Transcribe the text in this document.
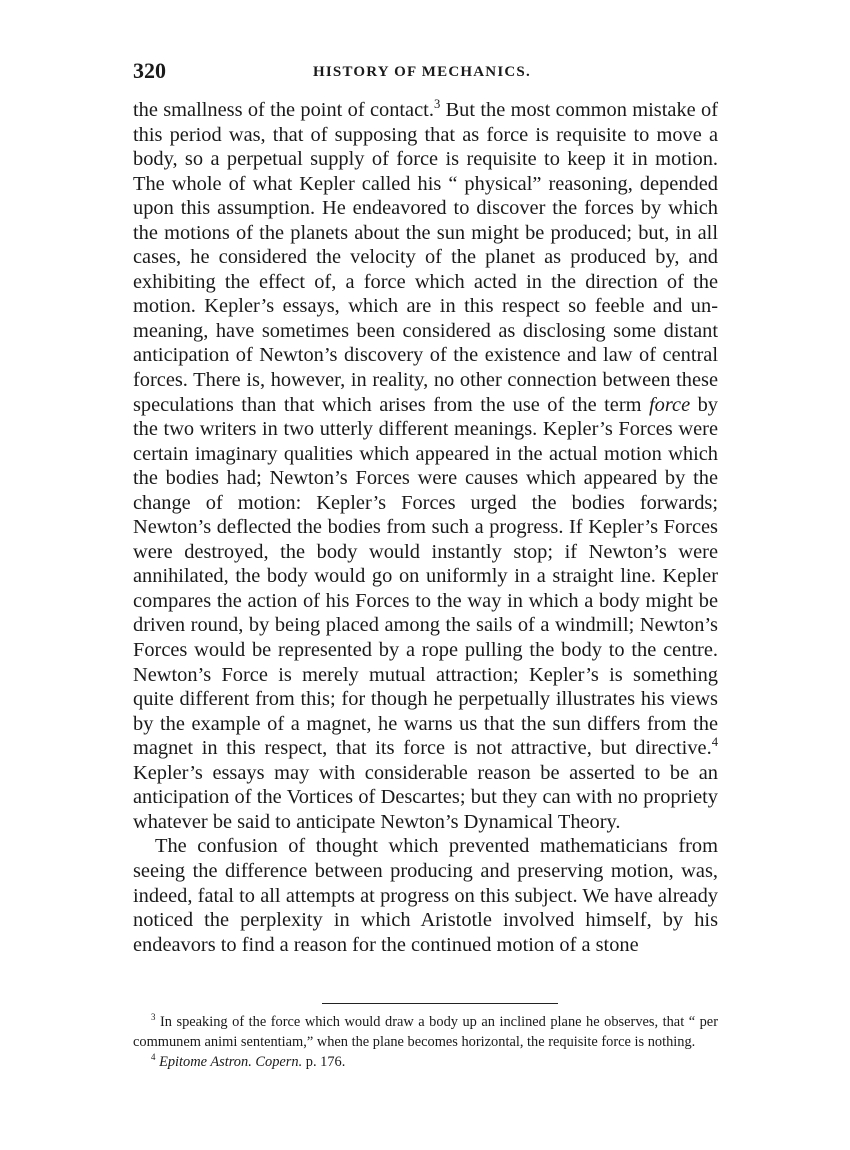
320	HISTORY OF MECHANICS.

the smallness of the point of contact.$^3$ But the most common mistake of this period was, that of supposing that as force is requisite to move a body, so a perpetual supply of force is requisite to keep it in motion. The whole of what Kepler called his “ physical” reasoning, depended upon this assumption. He endeavored to discover the forces by which the motions of the planets about the sun might be produced; but, in all cases, he considered the velocity of the planet as produced by, and exhibiting the effect of, a force which acted in the direction of the motion. Kepler’s essays, which are in this respect so feeble and unmeaning, have sometimes been considered as disclosing some distant anticipation of Newton’s discovery of the existence and law of central forces. There is, however, in reality, no other connection between these speculations than that which arises from the use of the term force by the two writers in two utterly different meanings. Kepler’s Forces were certain imaginary qualities which appeared in the actual motion which the bodies had; Newton’s Forces were causes which appeared by the change of motion: Kepler’s Forces urged the bodies forwards; Newton’s deflected the bodies from such a progress. If Kepler’s Forces were destroyed, the body would instantly stop; if Newton’s were annihilated, the body would go on uniformly in a straight line. Kepler compares the action of his Forces to the way in which a body might be driven round, by being placed among the sails of a windmill; Newton’s Forces would be represented by a rope pulling the body to the centre. Newton’s Force is merely mutual attraction; Kepler’s is something quite different from this; for though he perpetually illustrates his views by the example of a magnet, he warns us that the sun differs from the magnet in this respect, that its force is not attractive, but directive.$^4$ Kepler’s essays may with considerable reason be asserted to be an anticipation of the Vortices of Descartes; but they can with no propriety whatever be said to anticipate Newton’s Dynamical Theory.

The confusion of thought which prevented mathematicians from seeing the difference between producing and preserving motion, was, indeed, fatal to all attempts at progress on this subject. We have already noticed the perplexity in which Aristotle involved himself, by his endeavors to find a reason for the continued motion of a stone

$^3$ In speaking of the force which would draw a body up an inclined plane he observes, that “ per communem animi sententiam,” when the plane becomes horizontal, the requisite force is nothing.

$^4$ Epitome Astron. Copern. p. 176.
